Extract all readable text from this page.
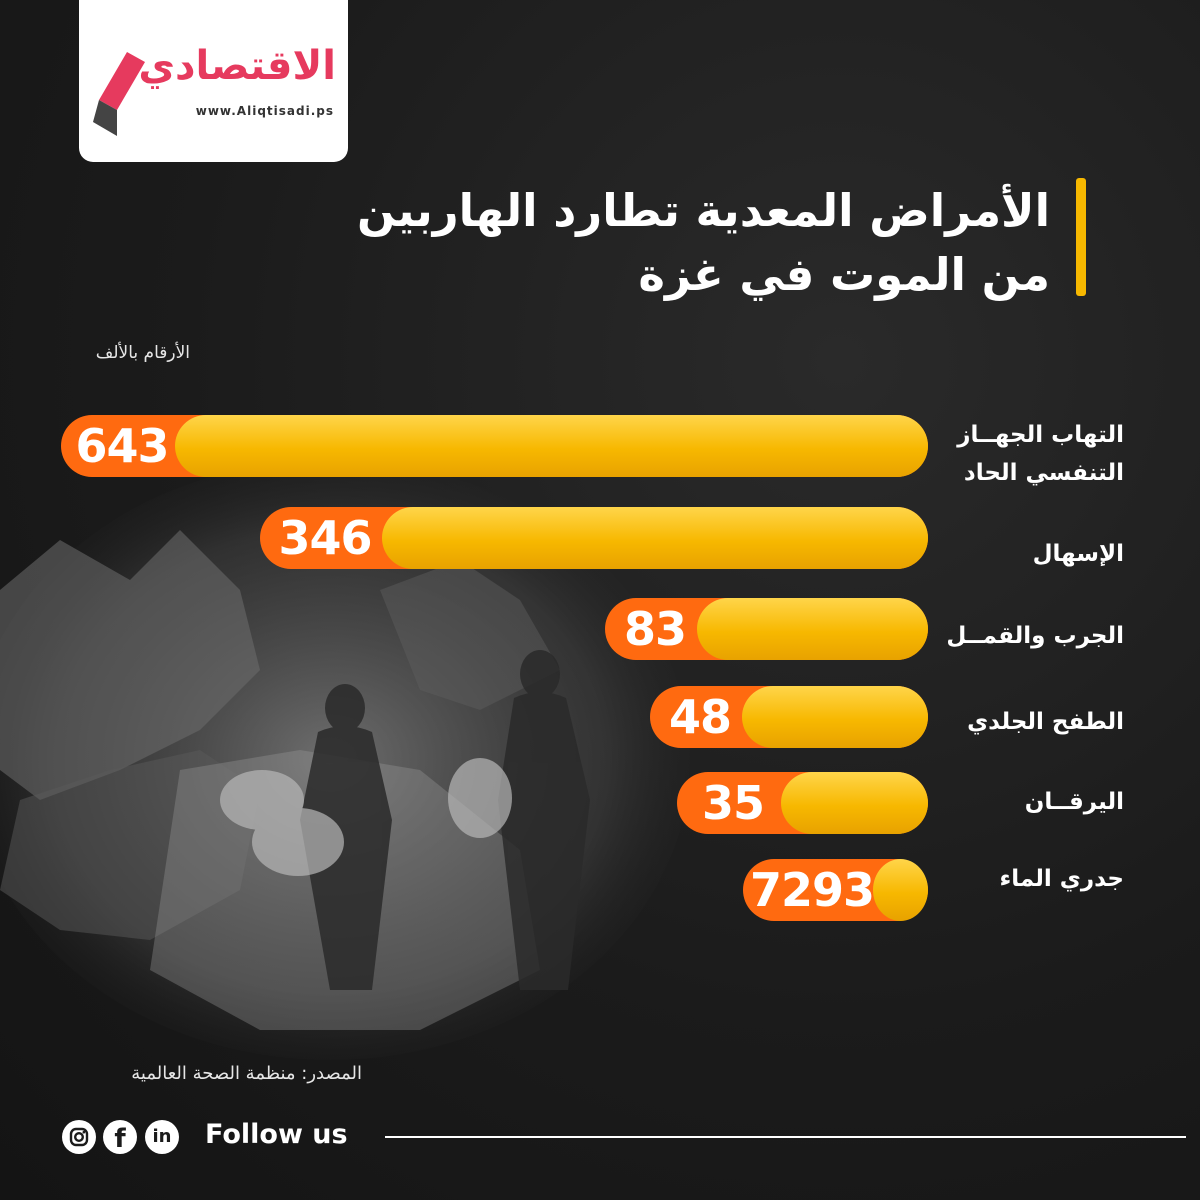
الاقتصادي
www.Aliqtisadi.ps
الأمراض المعدية تطارد الهاربين
من الموت في غزة
الأرقام بالألف
643	التهاب الجهــاز التنفسي الحاد
346	الإسهال
83	الجرب والقمــل
48	الطفح الجلدي
35	اليرقــان
7293	جدري الماء
المصدر: منظمة الصحة العالمية
f	in Follow us
